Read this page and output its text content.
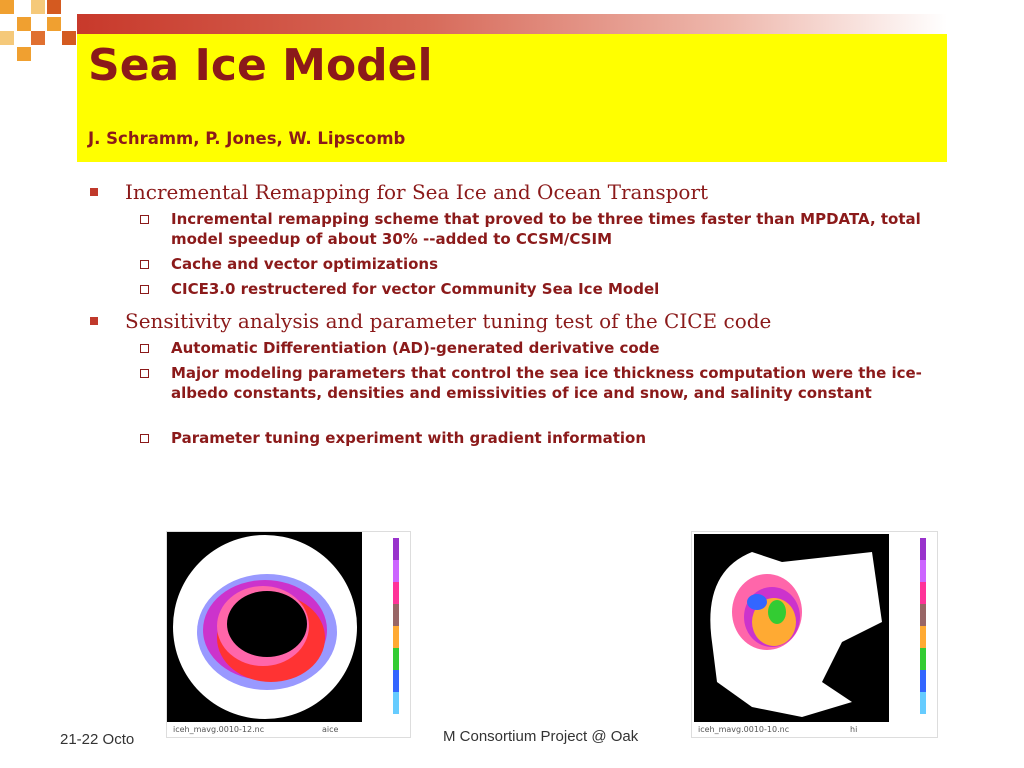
Sea Ice Model

J. Schramm, P. Jones, W. Lipscomb

Incremental Remapping for Sea Ice and Ocean Transport
Incremental remapping scheme that proved to be three times faster than MPDATA, total model speedup of about 30% --added to CCSM/CSIM
Cache and vector optimizations
CICE3.0 restructered for vector Community Sea Ice Model
Sensitivity analysis and parameter tuning test of the CICE code
Automatic Differentiation (AD)-generated derivative code
Major modeling parameters that control the sea ice thickness computation were the ice-albedo constants, densities and emissivities of ice and snow, and salinity constant
Parameter tuning experiment with gradient information
iceh_mavg.0010-12.nc	aice	iceh_mavg.0010-10.nc	hi
21-22 Octo	M Consortium Project @ Oak
